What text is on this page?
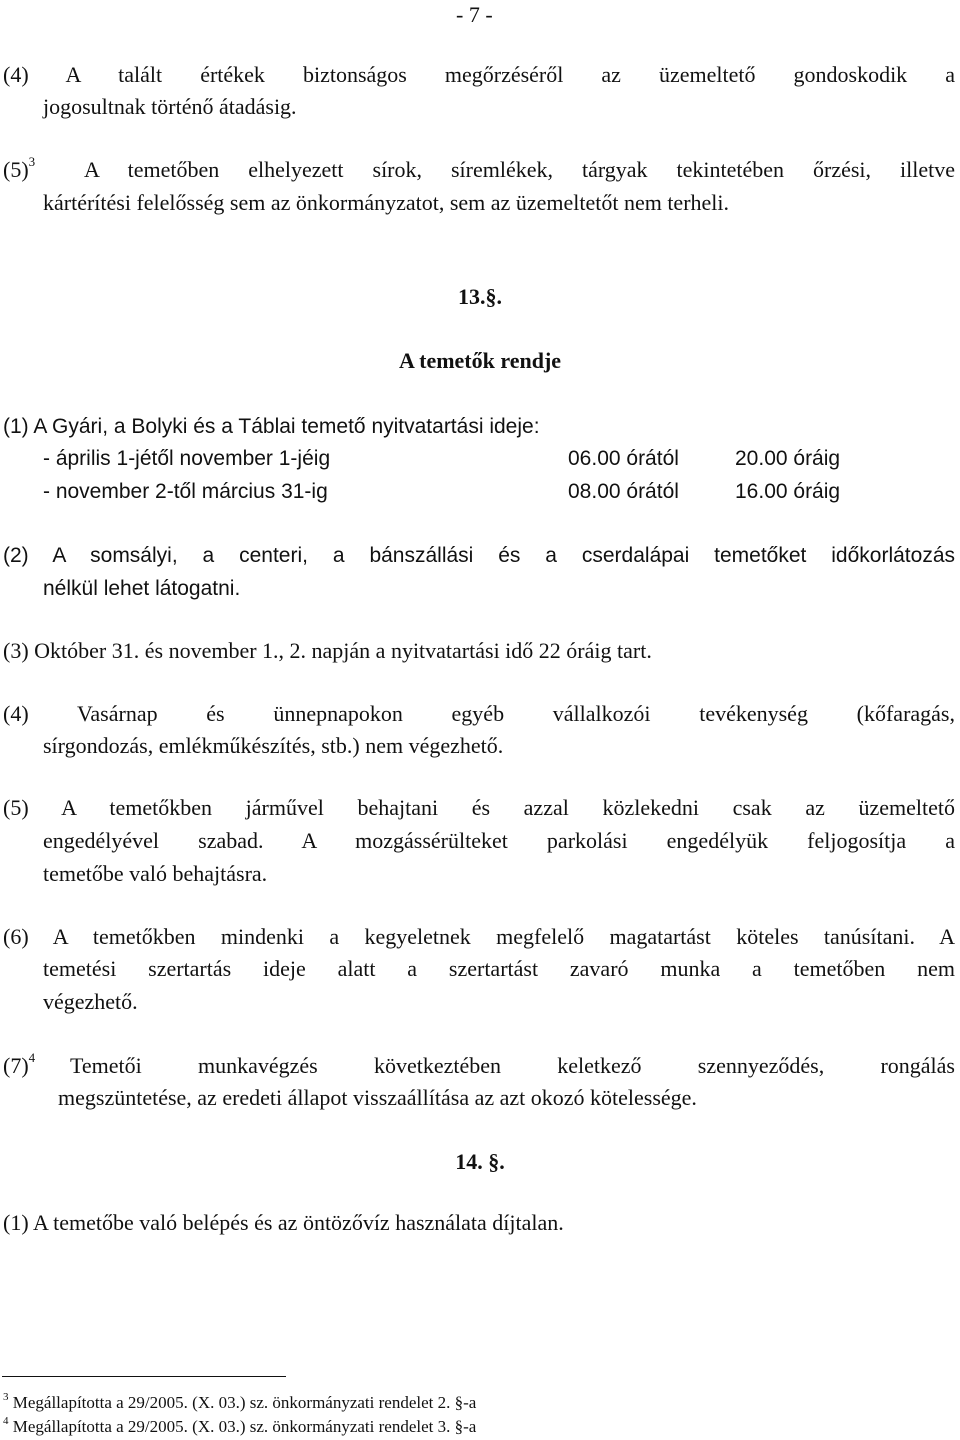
- 7 -
(4) A talált értékek biztonságos megőrzéséről az üzemeltető gondoskodik a
jogosultnak történő átadásig.
$(5)^3$ A temetőben elhelyezett sírok, síremlékek, tárgyak tekintetében őrzési, illetve
kártérítési felelősség sem az önkormányzatot, sem az üzemeltetőt nem terheli.
13.§.
A temetők rendje
(1) A Gyári, a Bolyki és a Táblai temető nyitvatartási ideje:
- április 1-jétől november 1-jéig	06.00 órától	20.00 óráig
- november 2-től március 31-ig	08.00 órától	16.00 óráig
(2) A somsályi, a centeri, a bánszállási és a cserdalápai temetőket időkorlátozás
nélkül lehet látogatni.
(3) Október 31. és november 1., 2. napján a nyitvatartási idő 22 óráig tart.
(4) Vasárnap és ünnepnapokon egyéb vállalkozói tevékenység (kőfaragás,
sírgondozás, emlékműkészítés, stb.) nem végezhető.
(5) A temetőkben járművel behajtani és azzal közlekedni csak az üzemeltető
engedélyével szabad. A mozgássérülteket parkolási engedélyük feljogosítja a
temetőbe való behajtásra.
(6) A temetőkben mindenki a kegyeletnek megfelelő magatartást köteles tanúsítani. A
temetési szertartás ideje alatt a szertartást zavaró munka a temetőben nem
végezhető.
$(7)^4$ Temetői munkavégzés következtében keletkező szennyeződés, rongálás
megszüntetése, az eredeti állapot visszaállítása az azt okozó kötelessége.
14. §.
(1) A temetőbe való belépés és az öntözővíz használata díjtalan.
$^3$ Megállapította a 29/2005. (X. 03.) sz. önkormányzati rendelet 2. §-a
$^4$ Megállapította a 29/2005. (X. 03.) sz. önkormányzati rendelet 3. §-a
